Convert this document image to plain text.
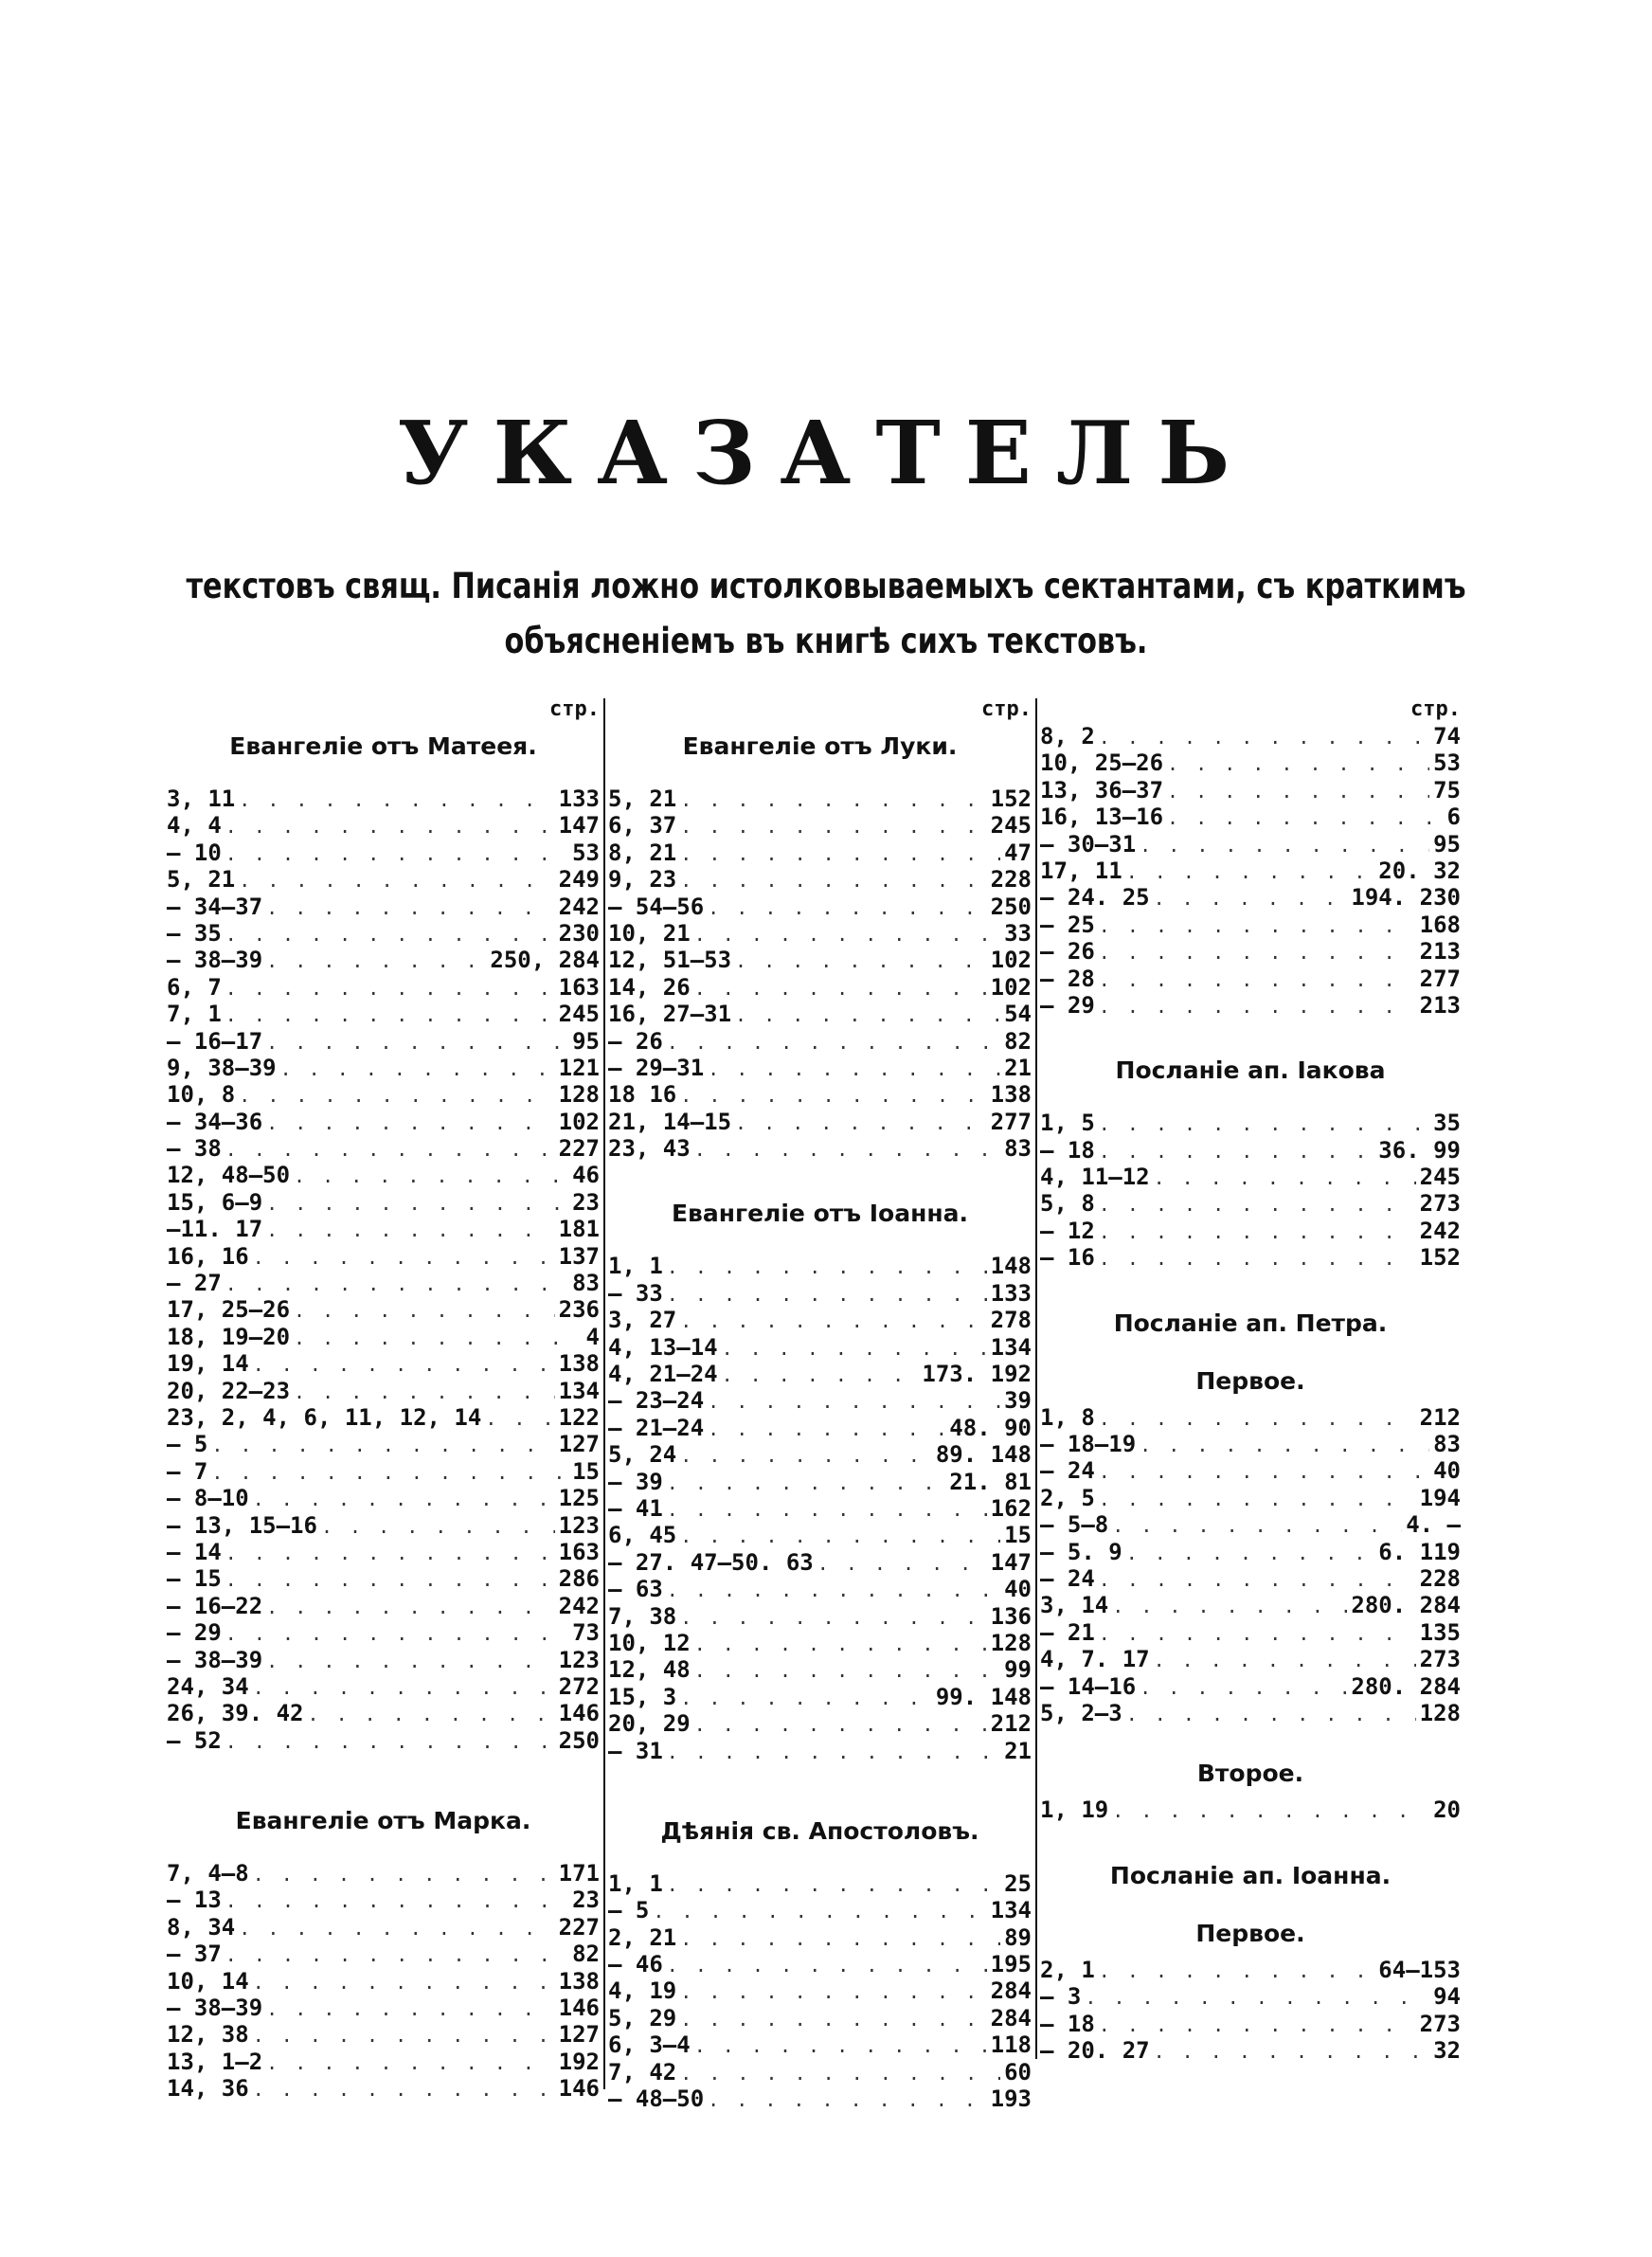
УКАЗАТЕЛЬ
текстовъ свящ. Писанія ложно истолковываемыхъ сектантами, съ краткимъ
объясненіемъ въ книгѣ сихъ текстовъ.
стр.
Евангеліе отъ Матеея.
3, 11 . . .	133
4, 4 . . .	147
— 10 . . .	53
5, 21 . . .	249
— 34—37 . . .	242
— 35 . . .	230
— 38—39 . . .	250, 284
6, 7 . . .	163
7, 1 . . .	245
— 16—17 . . .	95
9, 38—39 . . .	121
10, 8 . . .	128
— 34—36 . . .	102
— 38 . . .	227
12, 48—50 . . .	46
15, 6—9 . . .	23
—11. 17 . . .	181
16, 16 . . .	137
— 27 . . .	83
17, 25—26 . . .	236
18, 19—20 . . .	4
19, 14 . . .	138
20, 22—23 . . .	134
23, 2, 4, 6, 11, 12, 14 . . .	122
— 5 . . .	127
— 7 . . .	15
— 8—10 . . .	125
— 13, 15—16 . . .	123
— 14 . . .	163
— 15 . . .	286
— 16—22 . . .	242
— 29 . . .	73
— 38—39 . . .	123
24, 34 . . .	272
26, 39. 42 . . .	146
— 52 . . .	250
Евангеліе отъ Марка.
7, 4—8 . . .	171
— 13 . . .	23
8, 34 . . .	227
— 37 . . .	82
10, 14 . . .	138
— 38—39 . . .	146
12, 38 . . .	127
13, 1—2 . . .	192
14, 36 . . .	146
стр.
Евангеліе отъ Луки.
5, 21 . . .	152
6, 37 . . .	245
8, 21 . . .	47
9, 23 . . .	228
— 54—56 . . .	250
10, 21 . . .	33
12, 51—53 . . .	102
14, 26 . . .	102
16, 27—31 . . .	54
— 26 . . .	82
— 29—31 . . .	21
18 16 . . .	138
21, 14—15 . . .	277
23, 43 . . .	83
Евангеліе отъ Іоанна.
1, 1 . . .	148
— 33 . . .	133
3, 27 . . .	278
4, 13—14 . . .	134
4, 21—24 . . .	173. 192
— 23—24 . . .	39
— 21—24 . . .	48. 90
5, 24 . . .	89. 148
— 39 . . .	21. 81
— 41 . . .	162
6, 45 . . .	15
— 27. 47—50. 63 . . .	147
— 63 . . .	40
7, 38 . . .	136
10, 12 . . .	128
12, 48 . . .	99
15, 3 . . .	99. 148
20, 29 . . .	212
— 31 . . .	21
Дѣянія св. Апостоловъ.
1, 1 . . .	25
— 5 . . .	134
2, 21 . . .	89
— 46 . . .	195
4, 19 . . .	284
5, 29 . . .	284
6, 3—4 . . .	118
7, 42 . . .	60
— 48—50 . . .	193
стр.
8, 2 . . .	74
10, 25—26 . . .	53
13, 36—37 . . .	75
16, 13—16 . . .	6
— 30—31 . . .	95
17, 11 . . .	20. 32
— 24. 25 . . .	194. 230
— 25 . . .	168
— 26 . . .	213
— 28 . . .	277
— 29 . . .	213
Посланіе ап. Іакова
1, 5 . . .	35
— 18 . . .	36. 99
4, 11—12 . . .	245
5, 8 . . .	273
— 12 . . .	242
— 16 . . .	152
Посланіе ап. Петра.
Первое.
1, 8 . . .	212
— 18—19 . . .	83
— 24 . . .	40
2, 5 . . .	194
— 5—8 . . .	4. —
— 5. 9 . . .	6. 119
— 24 . . .	228
3, 14 . . .	280. 284
— 21 . . .	135
4, 7. 17 . . .	273
— 14—16 . . .	280. 284
5, 2—3 . . .	128
Второе.
1, 19 . . .	20
Посланіе ап. Іоанна.
Первое.
2, 1 . . .	64—153
— 3 . . .	94
— 18 . . .	273
— 20. 27 . . .	32
